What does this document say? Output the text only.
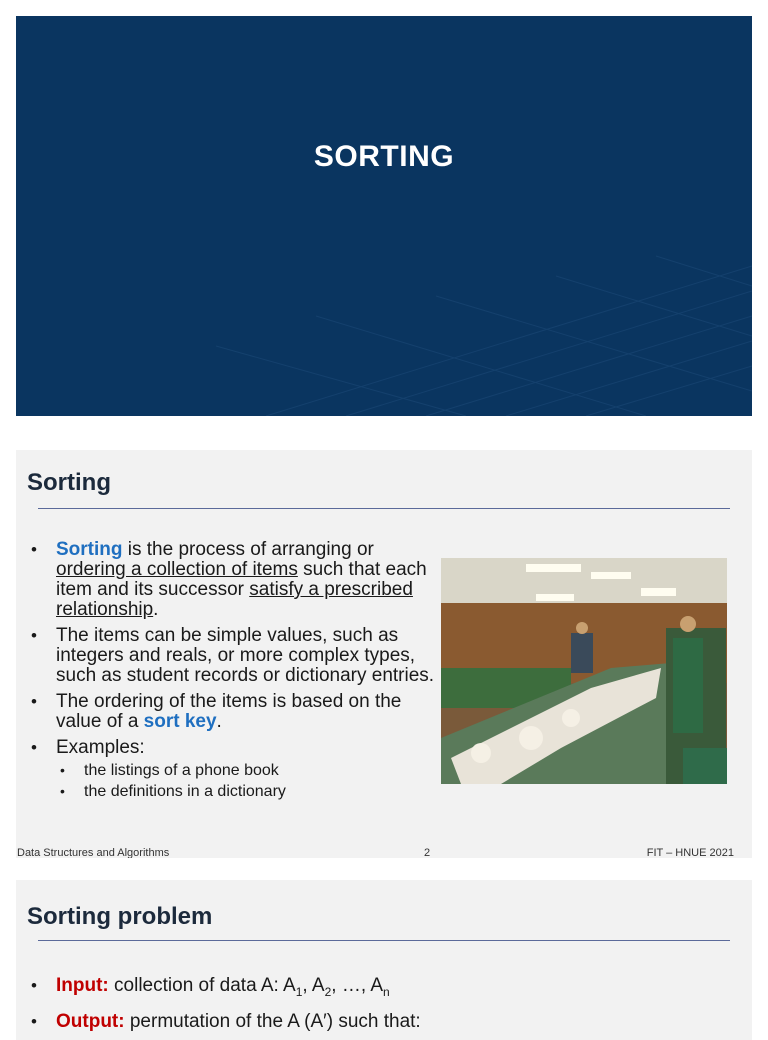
SORTING
Sorting
• Sorting is the process of arranging or ordering a collection of items such that each item and its successor satisfy a prescribed relationship.
• The items can be simple values, such as integers and reals, or more complex types, such as student records or dictionary entries.
• The ordering of the items is based on the value of a sort key.
• Examples:
• the listings of a phone book
• the definitions in a dictionary
Data Structures and Algorithms	2	FIT – HNUE 2021
Sorting problem
• Input: collection of data A: $A_1$, $A_2$, …, $A_n$
• Output: permutation of the A (A′) such that:
